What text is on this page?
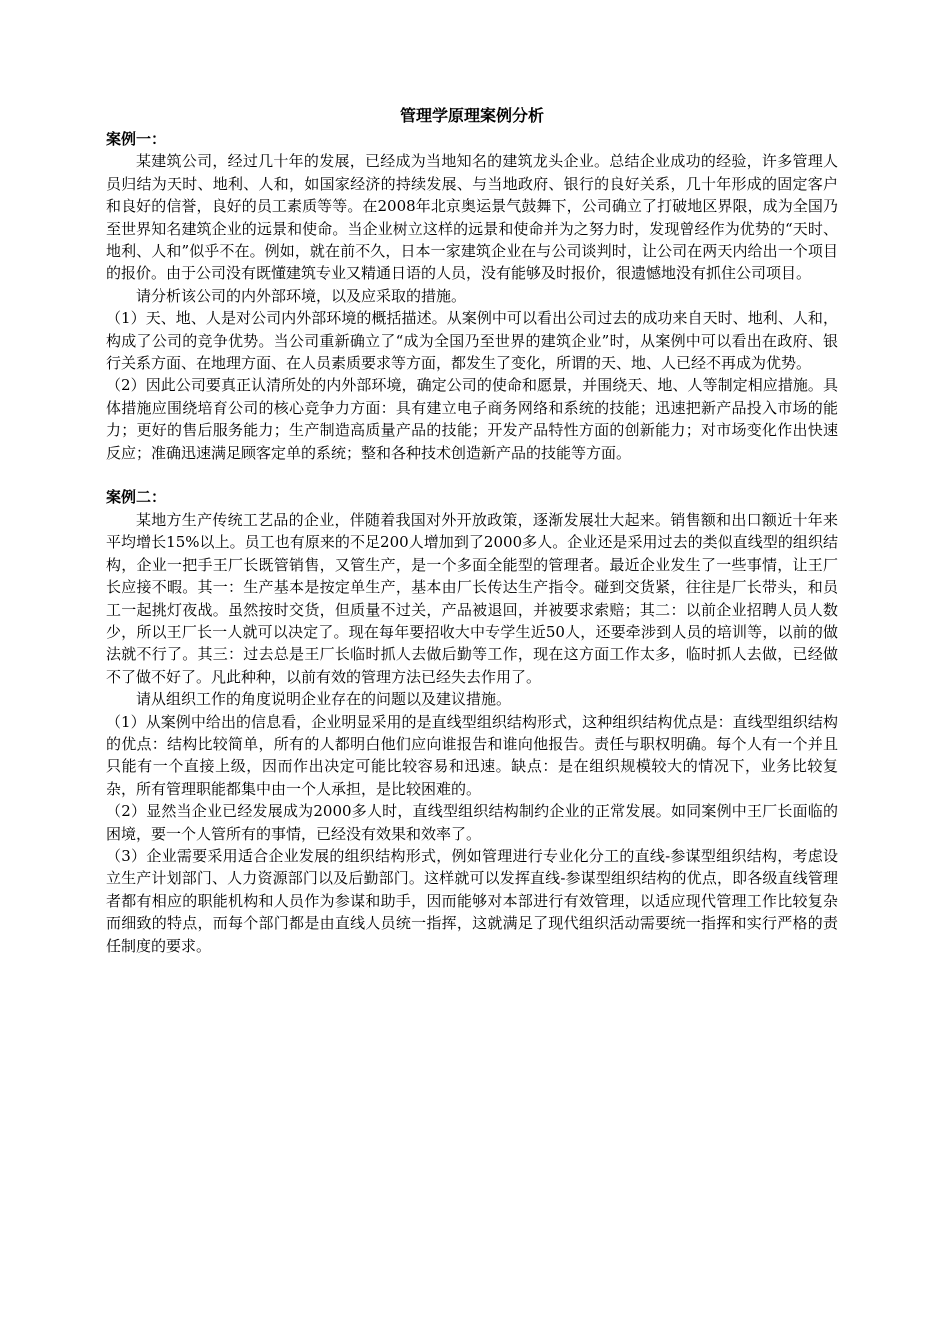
管理学原理案例分析
案例一：

某建筑公司，经过几十年的发展，已经成为当地知名的建筑龙头企业。总结企业成功的经验，许多管理人员归结为天时、地利、人和，如国家经济的持续发展、与当地政府、银行的良好关系，几十年形成的固定客户和良好的信誉，良好的员工素质等等。在2008年北京奥运景气鼓舞下，公司确立了打破地区界限，成为全国乃至世界知名建筑企业的远景和使命。当企业树立这样的远景和使命并为之努力时，发现曾经作为优势的“天时、地利、人和”似乎不在。例如，就在前不久，日本一家建筑企业在与公司谈判时，让公司在两天内给出一个项目的报价。由于公司没有既懂建筑专业又精通日语的人员，没有能够及时报价，很遗憾地没有抓住公司项目。

请分析该公司的内外部环境，以及应采取的措施。

（1）天、地、人是对公司内外部环境的概括描述。从案例中可以看出公司过去的成功来自天时、地利、人和，构成了公司的竞争优势。当公司重新确立了“成为全国乃至世界的建筑企业”时，从案例中可以看出在政府、银行关系方面、在地理方面、在人员素质要求等方面，都发生了变化，所谓的天、地、人已经不再成为优势。

（2）因此公司要真正认清所处的内外部环境，确定公司的使命和愿景，并围绕天、地、人等制定相应措施。具体措施应围绕培育公司的核心竞争力方面：具有建立电子商务网络和系统的技能；迅速把新产品投入市场的能力；更好的售后服务能力；生产制造高质量产品的技能；开发产品特性方面的创新能力；对市场变化作出快速反应；准确迅速满足顾客定单的系统；整和各种技术创造新产品的技能等方面。

案例二：

某地方生产传统工艺品的企业，伴随着我国对外开放政策，逐渐发展壮大起来。销售额和出口额近十年来平均增长15%以上。员工也有原来的不足200人增加到了2000多人。企业还是采用过去的类似直线型的组织结构，企业一把手王厂长既管销售，又管生产，是一个多面全能型的管理者。最近企业发生了一些事情，让王厂长应接不暇。其一：生产基本是按定单生产，基本由厂长传达生产指令。碰到交货紧，往往是厂长带头，和员工一起挑灯夜战。虽然按时交货，但质量不过关，产品被退回，并被要求索赔；其二：以前企业招聘人员人数少，所以王厂长一人就可以决定了。现在每年要招收大中专学生近50人，还要牵涉到人员的培训等，以前的做法就不行了。其三：过去总是王厂长临时抓人去做后勤等工作，现在这方面工作太多，临时抓人去做，已经做不了做不好了。凡此种种，以前有效的管理方法已经失去作用了。

请从组织工作的角度说明企业存在的问题以及建议措施。

（1）从案例中给出的信息看，企业明显采用的是直线型组织结构形式，这种组织结构优点是：直线型组织结构的优点：结构比较简单，所有的人都明白他们应向谁报告和谁向他报告。责任与职权明确。每个人有一个并且只能有一个直接上级，因而作出决定可能比较容易和迅速。缺点：是在组织规模较大的情况下，业务比较复杂，所有管理职能都集中由一个人承担，是比较困难的。

（2）显然当企业已经发展成为2000多人时，直线型组织结构制约企业的正常发展。如同案例中王厂长面临的困境，要一个人管所有的事情，已经没有效果和效率了。

（3）企业需要采用适合企业发展的组织结构形式，例如管理进行专业化分工的直线-参谋型组织结构，考虑设立生产计划部门、人力资源部门以及后勤部门。这样就可以发挥直线-参谋型组织结构的优点，即各级直线管理者都有相应的职能机构和人员作为参谋和助手，因而能够对本部进行有效管理，以适应现代管理工作比较复杂而细致的特点，而每个部门都是由直线人员统一指挥，这就满足了现代组织活动需要统一指挥和实行严格的责任制度的要求。
